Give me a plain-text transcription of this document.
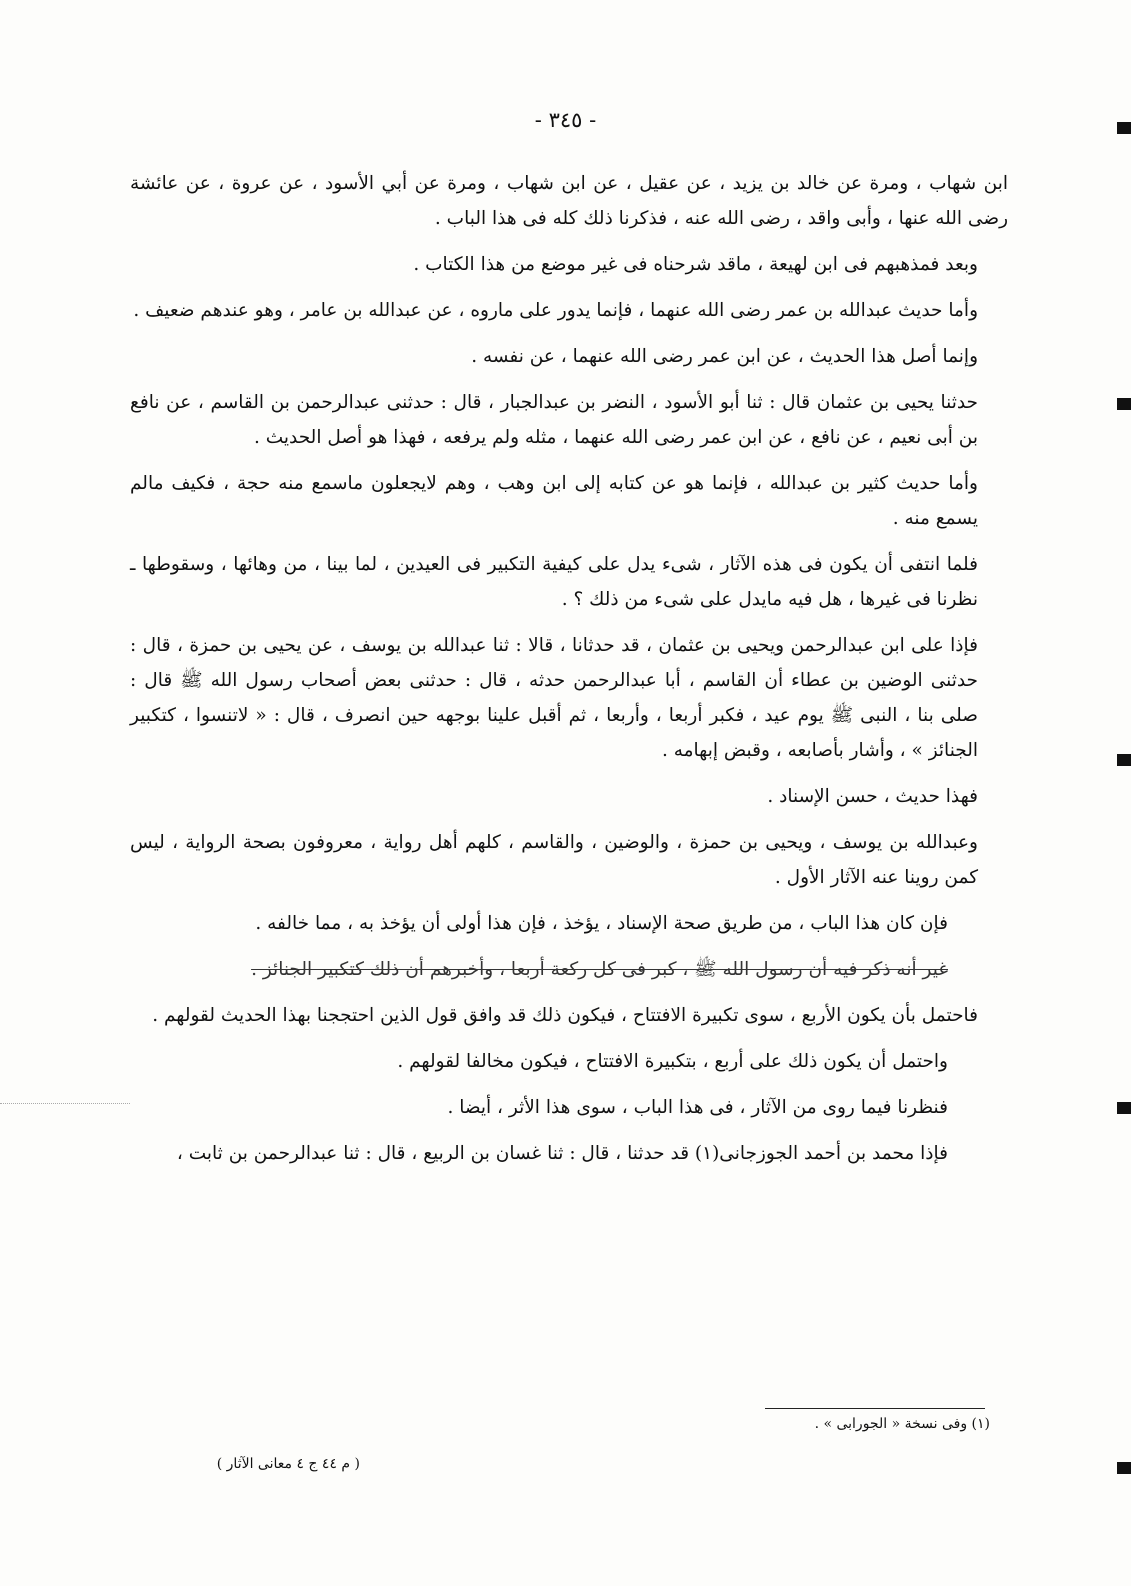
- ٣٤٥ -

ابن شهاب ، ومرة عن خالد بن يزيد ، عن عقيل ، عن ابن شهاب ، ومرة عن أبي الأسود ، عن عروة ، عن عائشة رضى الله عنها ، وأبى واقد ، رضى الله عنه ، فذكرنا ذلك كله فى هذا الباب .

وبعد فمذهبهم فى ابن لهيعة ، ماقد شرحناه فى غير موضع من هذا الكتاب .

وأما حديث عبدالله بن عمر رضى الله عنهما ، فإنما يدور على ماروه ، عن عبدالله بن عامر ، وهو عندهم ضعيف .

وإنما أصل هذا الحديث ، عن ابن عمر رضى الله عنهما ، عن نفسه .

حدثنا يحيى بن عثمان قال : ثنا أبو الأسود ، النضر بن عبدالجبار ، قال : حدثنى عبدالرحمن بن القاسم ، عن نافع بن أبى نعيم ، عن نافع ، عن ابن عمر رضى الله عنهما ، مثله ولم يرفعه ، فهذا هو أصل الحديث .

وأما حديث كثير بن عبدالله ، فإنما هو عن كتابه إلى ابن وهب ، وهم لايجعلون ماسمع منه حجة ، فكيف مالم يسمع منه .

فلما انتفى أن يكون فى هذه الآثار ، شىء يدل على كيفية التكبير فى العيدين ، لما بينا ، من وهائها ، وسقوطها ـ نظرنا فى غيرها ، هل فيه مايدل على شىء من ذلك ؟ .

فإذا على ابن عبدالرحمن ويحيى بن عثمان ، قد حدثانا ، قالا : ثنا عبدالله بن يوسف ، عن يحيى بن حمزة ، قال : حدثنى الوضين بن عطاء أن القاسم ، أبا عبدالرحمن حدثه ، قال : حدثنى بعض أصحاب رسول الله ﷺ قال : صلى بنا ، النبى ﷺ يوم عيد ، فكبر أربعا ، وأربعا ، ثم أقبل علينا بوجهه حين انصرف ، قال : « لاتنسوا ، كتكبير الجنائز » ، وأشار بأصابعه ، وقبض إبهامه .

فهذا حديث ، حسن الإسناد .

وعبدالله بن يوسف ، ويحيى بن حمزة ، والوضين ، والقاسم ، كلهم أهل رواية ، معروفون بصحة الرواية ، ليس كمن روينا عنه الآثار الأول .

فإن كان هذا الباب ، من طريق صحة الإسناد ، يؤخذ ، فإن هذا أولى أن يؤخذ به ، مما خالفه .

غير أنه ذكر فيه أن رسول الله ﷺ ، كبر فى كل ركعة أربعا ، وأخبرهم أن ذلك كتكبير الجنائز .

فاحتمل بأن يكون الأربع ، سوى تكبيرة الافتتاح ، فيكون ذلك قد وافق قول الذين احتججنا بهذا الحديث لقولهم .

واحتمل أن يكون ذلك على أربع ، بتكبيرة الافتتاح ، فيكون مخالفا لقولهم .

فنظرنا فيما روى من الآثار ، فى هذا الباب ، سوى هذا الأثر ، أيضا .

فإذا محمد بن أحمد الجوزجانى(١) قد حدثنا ، قال : ثنا غسان بن الربيع ، قال : ثنا عبدالرحمن بن ثابت ،

(١) وفى نسخة « الجورابى » .
( م ٤٤ ج ٤ معانى الآثار )
